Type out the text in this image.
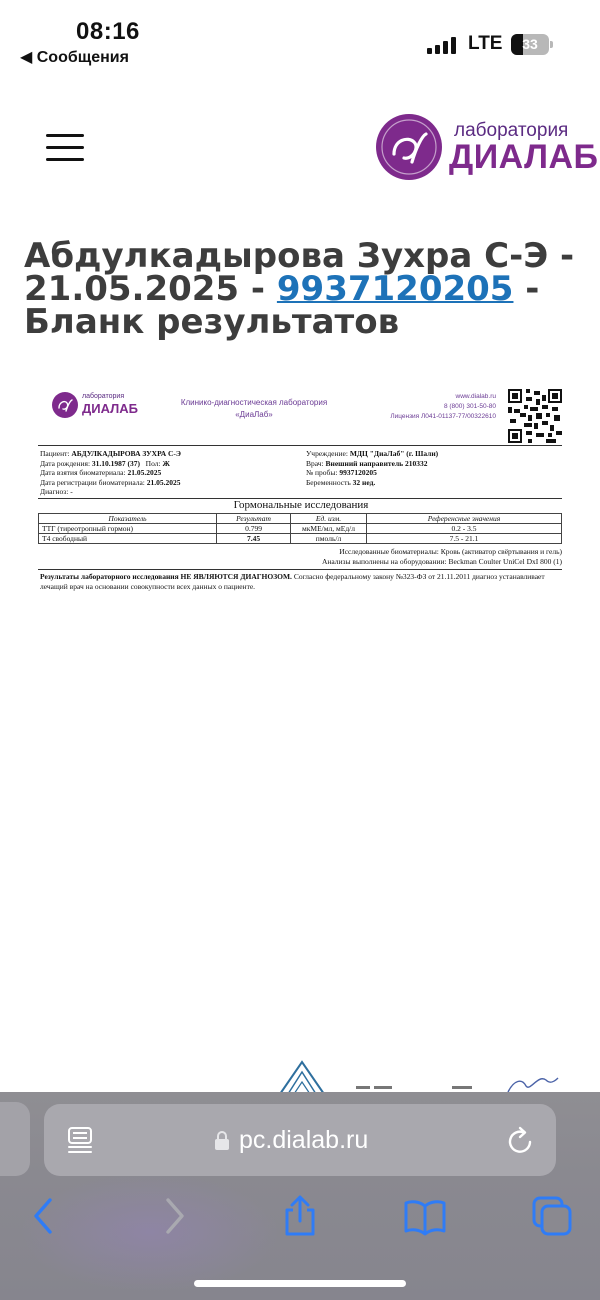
08:16
◀ Сообщения
LTE	33
лаборатория
ДИАЛАБ
Абдулкадырова Зухра С-Э -
21.05.2025 - 9937120205 -
Бланк результатов
лаборатория
ДИАЛАБ	Клинико-диагностическая лаборатория
«ДиаЛаб»
www.dialab.ru
8 (800) 301-50-80
Лицензия Л041-01137-77/00322610
Пациент: АБДУЛКАДЫРОВА ЗУХРА С-Э
Дата рождения: 31.10.1987 (37) Пол: Ж
Дата взятия биоматериала: 21.05.2025
Дата регистрации биоматериала: 21.05.2025
Диагноз: -
Учреждение: МДЦ "ДиаЛаб" (г. Шали)
Врач: Внешний направитель 210332
№ пробы: 9937120205
Беременность 32 нед.
Гормональные исследования
Показатель	Результат	Ед. изм.	Референсные значения
ТТГ (тиреотропный гормон)	0.799	мкМЕ/мл, мЕд/л	0.2 - 3.5
Т4 свободный	7.45	пмоль/л	7.5 - 21.1
Исследованные биоматериалы: Кровь (активатор свёртывания и гель)
Анализы выполнены на оборудовании: Beckman Coulter UniCel DxI 800 (1)
Результаты лабораторного исследования НЕ ЯВЛЯЮТСЯ ДИАГНОЗОМ. Согласно федеральному закону №323-ФЗ от 21.11.2011 диагноз устанавливает лечащий врач на основании совокупности всех данных о пациенте.
pc.dialab.ru
